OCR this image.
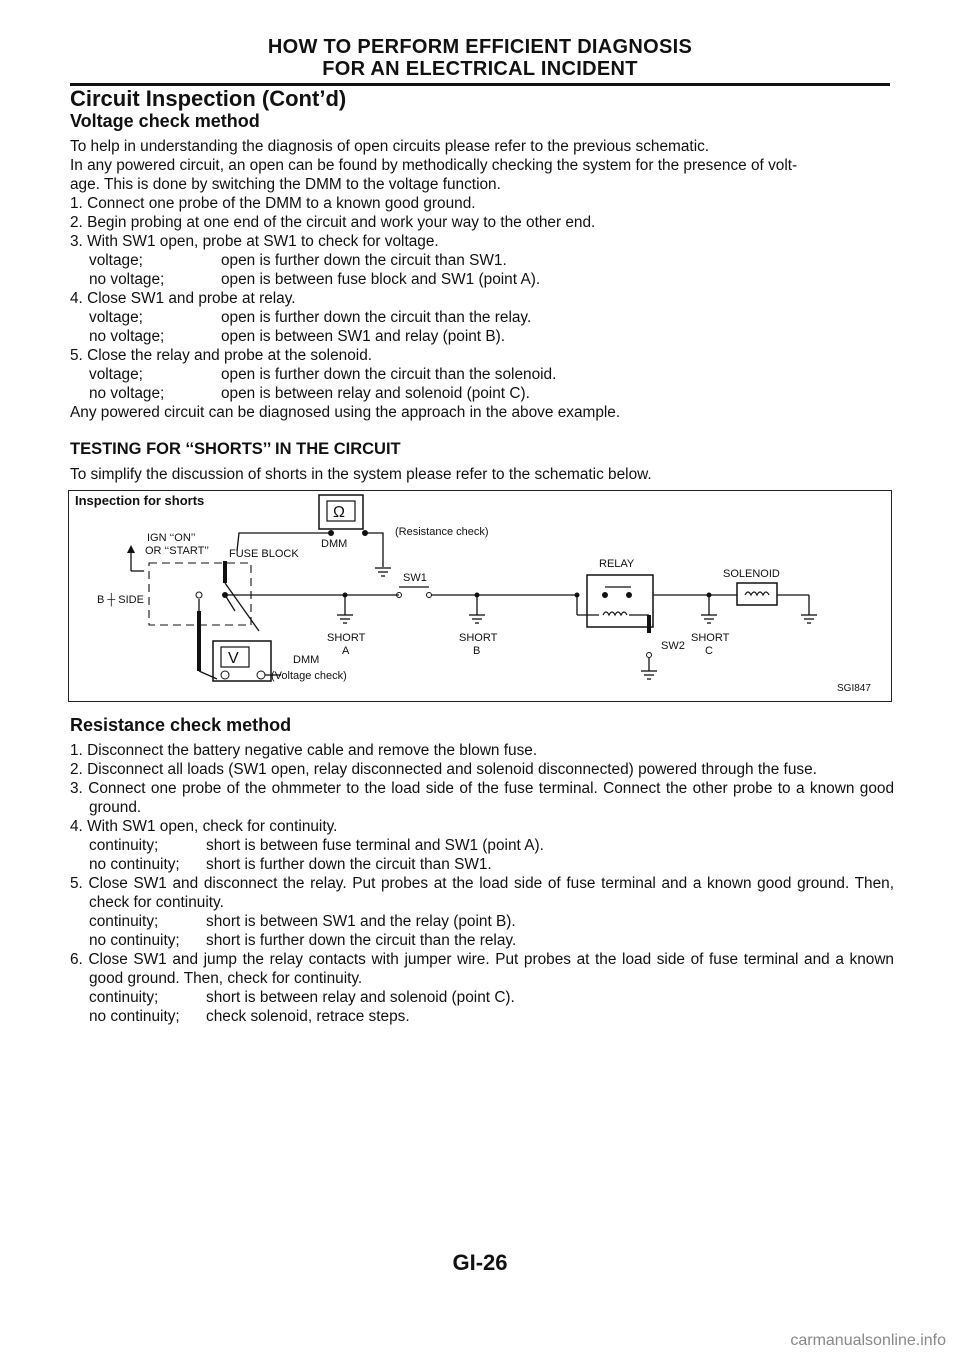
HOW TO PERFORM EFFICIENT DIAGNOSIS
FOR AN ELECTRICAL INCIDENT
Circuit Inspection (Cont’d)
Voltage check method

To help in understanding the diagnosis of open circuits please refer to the previous schematic.

In any powered circuit, an open can be found by methodically checking the system for the presence of volt-

age. This is done by switching the DMM to the voltage function.

1. Connect one probe of the DMM to a known good ground.

2. Begin probing at one end of the circuit and work your way to the other end.

3. With SW1 open, probe at SW1 to check for voltage.

voltage;	open is further down the circuit than SW1.
no voltage;	open is between fuse block and SW1 (point A).

4. Close SW1 and probe at relay.

voltage;	open is further down the circuit than the relay.
no voltage;	open is between SW1 and relay (point B).

5. Close the relay and probe at the solenoid.

voltage;	open is further down the circuit than the solenoid.
no voltage;	open is between relay and solenoid (point C).

Any powered circuit can be diagnosed using the approach in the above example.

TESTING FOR ‘‘SHORTS’’ IN THE CIRCUIT

To simplify the discussion of shorts in the system please refer to the schematic below.

Inspection for shorts
Ω
DMM
(Resistance check)
IGN ‘‘ON’’
OR ‘‘START’’ FUSE BLOCK
B ┼ SIDE
SW1
SHORT
A
SHORT
B
RELAY
SW2
SHORT
C
SOLENOID
V	DMM
(Voltage check)
SGI847
Resistance check method

1. Disconnect the battery negative cable and remove the blown fuse.

2. Disconnect all loads (SW1 open, relay disconnected and solenoid disconnected) powered through the fuse.

3. Connect one probe of the ohmmeter to the load side of the fuse terminal. Connect the other probe to a known good ground.

4. With SW1 open, check for continuity.

continuity;	short is between fuse terminal and SW1 (point A).
no continuity;	short is further down the circuit than SW1.

5. Close SW1 and disconnect the relay. Put probes at the load side of fuse terminal and a known good ground. Then, check for continuity.

continuity;	short is between SW1 and the relay (point B).
no continuity;	short is further down the circuit than the relay.

6. Close SW1 and jump the relay contacts with jumper wire. Put probes at the load side of fuse terminal and a known good ground. Then, check for continuity.

continuity;	short is between relay and solenoid (point C).
no continuity;	check solenoid, retrace steps.
GI-26
carmanualsonline.info
